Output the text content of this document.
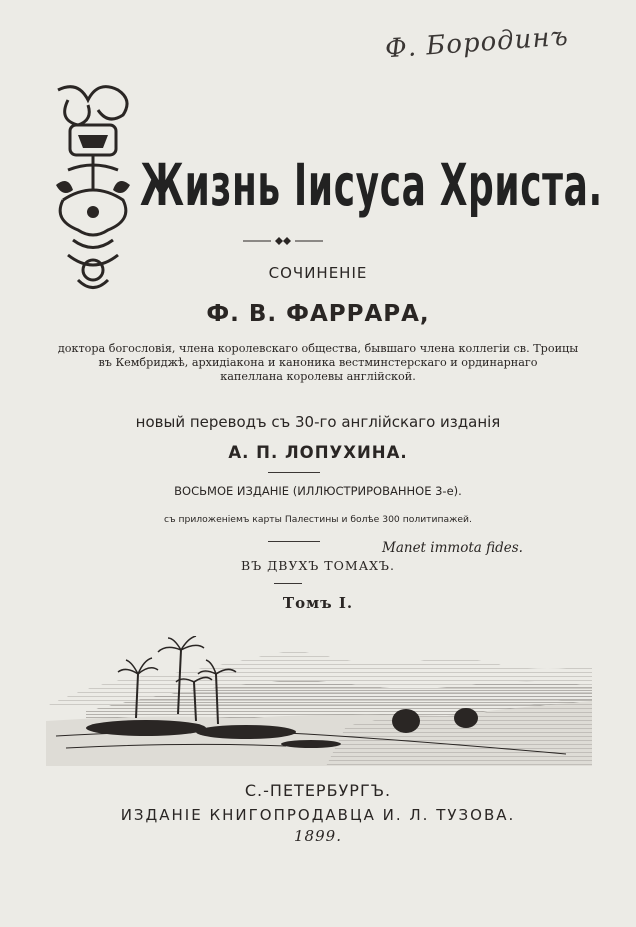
Ф. Бородинъ
Жизнь Iисуса Христа.
СОЧИНЕНIЕ
Ф. В. ФАРРАРА,
доктора богословiя, члена королевскаго общества, бывшаго члена коллегiи св. Троицы
въ Кембриджѣ, архидiакона и каноника вестминстерскаго и ординарнаго
капеллана королевы англiйской.
новый переводъ съ 30-го англiйскаго изданiя
А. П. ЛОПУХИНА.
ВОСЬМОЕ ИЗДАНIЕ (ИЛЛЮСТРИРОВАННОЕ 3-е).
съ приложенiемъ карты Палестины и болѣе 300 политипажей.
Manet immota fides.
ВЪ ДВУХЪ ТОМАХЪ.
Томъ I.
С.-ПЕТЕРБУРГЪ.
ИЗДАНIЕ КНИГОПРОДАВЦА И. Л. ТУЗОВА.
1899.
